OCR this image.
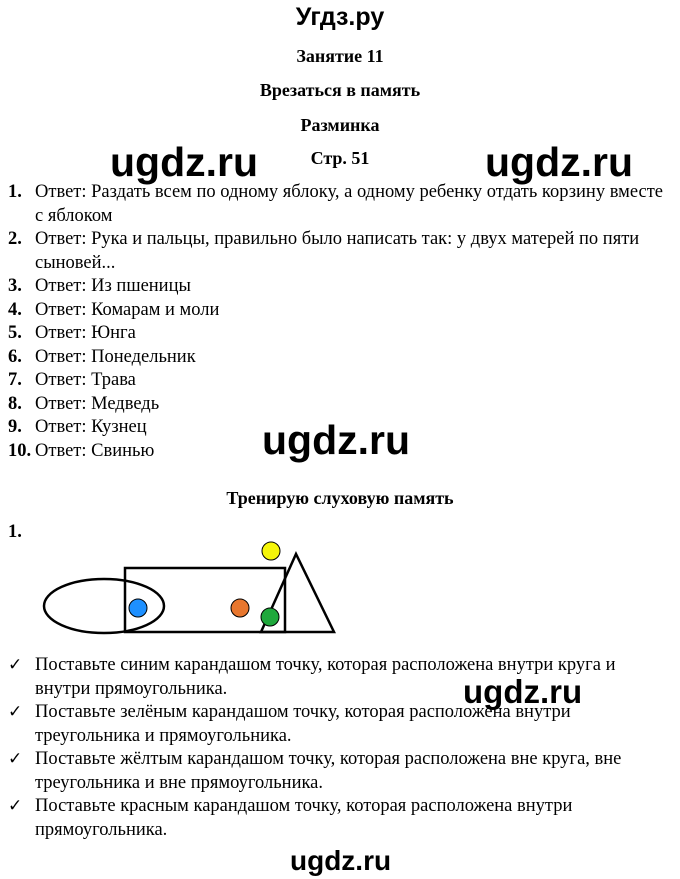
Угдз.ру
Занятие 11
Врезаться в память
Разминка
Стр. 51
ugdz.ru	ugdz.ru
1. Ответ: Раздать всем по одному яблоку, а одному ребенку отдать корзину вместе с яблоком
2. Ответ: Рука и пальцы, правильно было написать так: у двух матерей по пяти сыновей...
3. Ответ: Из пшеницы
4. Ответ: Комарам и моли
5. Ответ: Юнга
6. Ответ: Понедельник
7. Ответ: Трава
8. Ответ: Медведь
9. Ответ: Кузнец
10. Ответ: Свинью	ugdz.ru
Тренирую слуховую память
1.
✓ Поставьте синим карандашом точку, которая расположена внутри круга и внутри прямоугольника.
✓ Поставьте зелёным карандашом точку, которая расположена внутри треугольника и прямоугольника.
✓ Поставьте жёлтым карандашом точку, которая расположена вне круга, вне треугольника и вне прямоугольника.
✓ Поставьте красным карандашом точку, которая расположена внутри прямоугольника.
ugdz.ru
ugdz.ru
